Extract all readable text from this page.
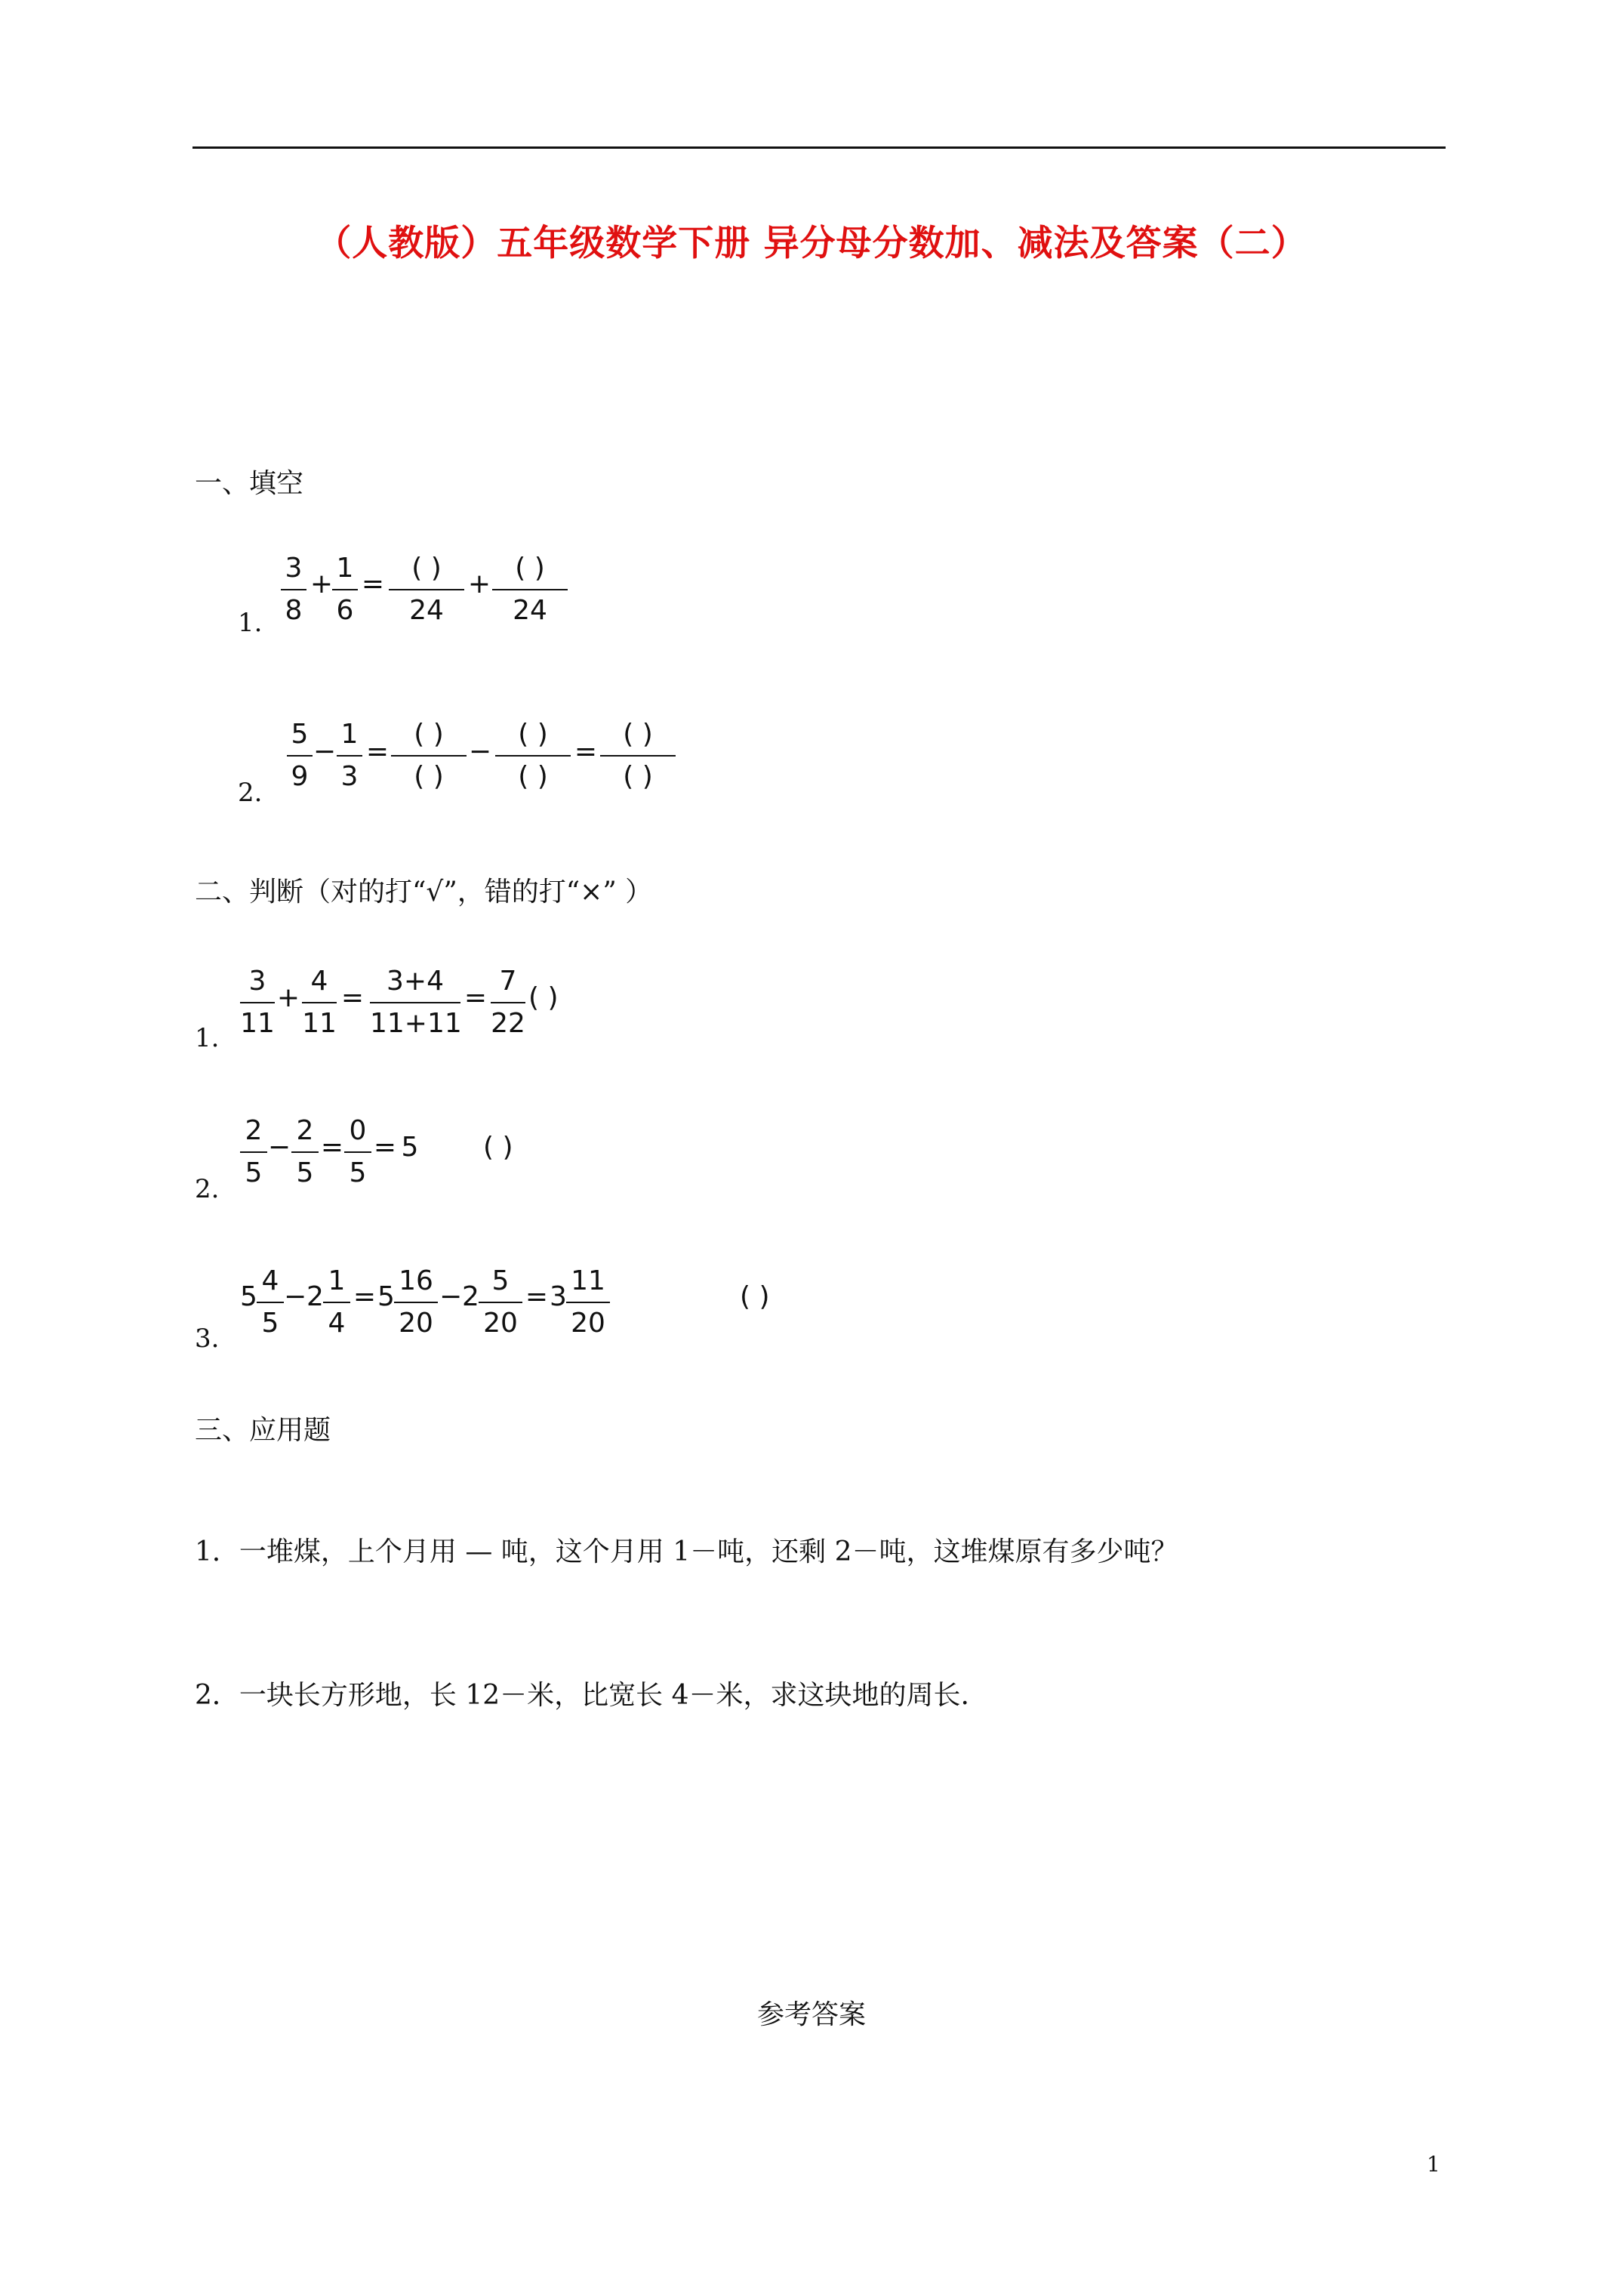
（人教版）五年级数学下册 异分母分数加、减法及答案（二）
一、填空
1.
3
8
+
1
6
=
( )
24
+
( )
24
2.
5
9
−
1
3
=
( )
( )
−
( )
( )
=
( )
( )
二、判断（对的打“√”，错的打“×” ）
1.
3
11
+
4
11
=
3+4
11+11
=
7
22
( )
2.
2
5
−
2
5
=
0
5
= 5 ( )
3.
5
4
5
− 2
1
4
= 5
16
20
− 2
5
20
= 3
11
20
( )
三、应用题
1．一堆煤，上个月用 — 吨，这个月用 1－吨，还剩 2－吨，这堆煤原有多少吨？
2．一块长方形地，长 12－米，比宽长 4－米，求这块地的周长.
参考答案
1
